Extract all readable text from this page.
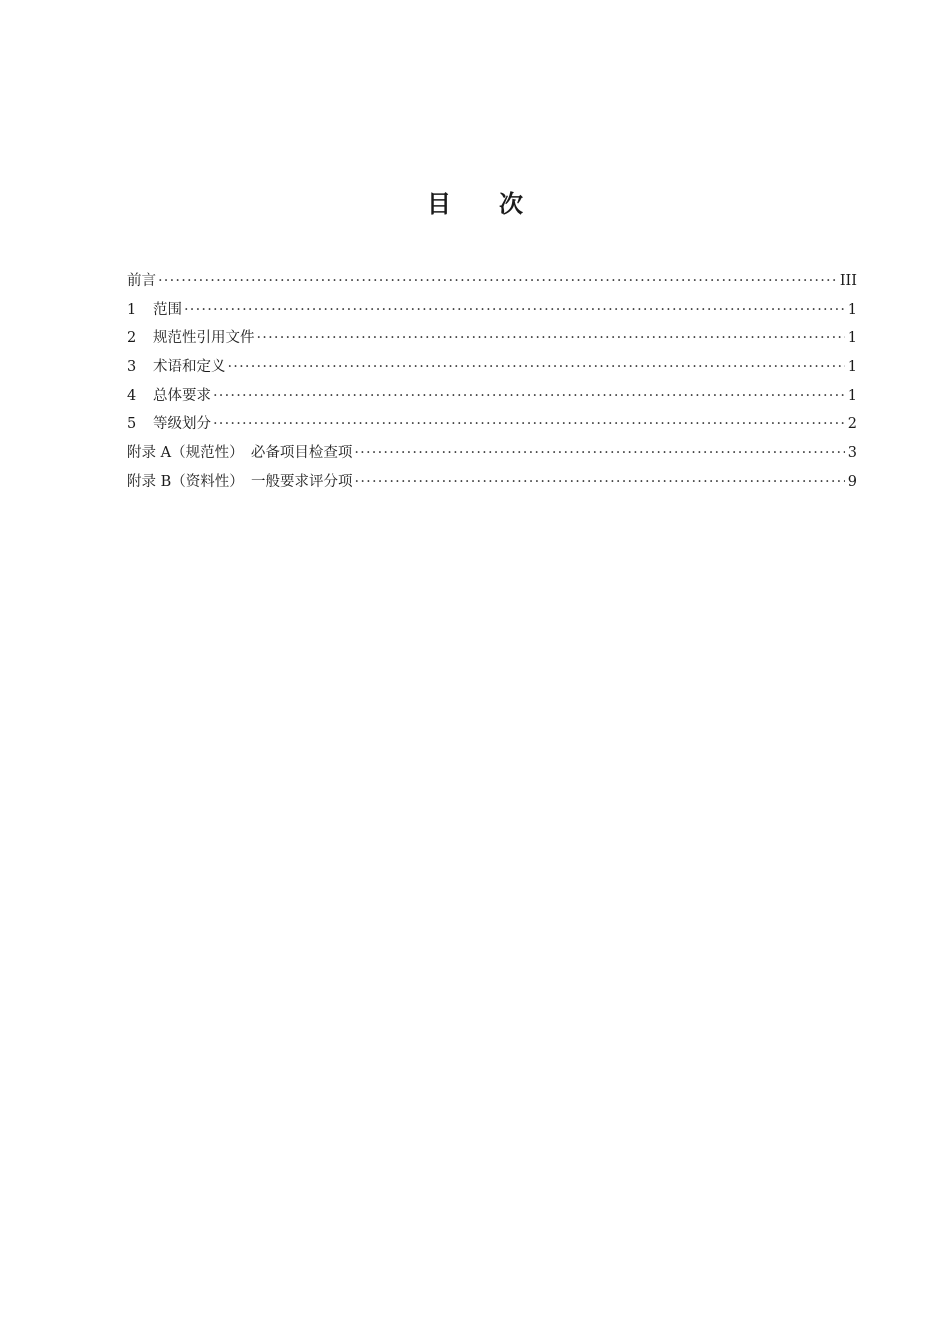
目 次
前言 ·····	III
1	范围 ·····	1
2	规范性引用文件 ·····	1
3	术语和定义 ·····	1
4	总体要求 ·····	1
5	等级划分 ·····	2
附录 A（规范性）　必备项目检查项 ·····	3
附录 B（资料性）　一般要求评分项 ·····	9
